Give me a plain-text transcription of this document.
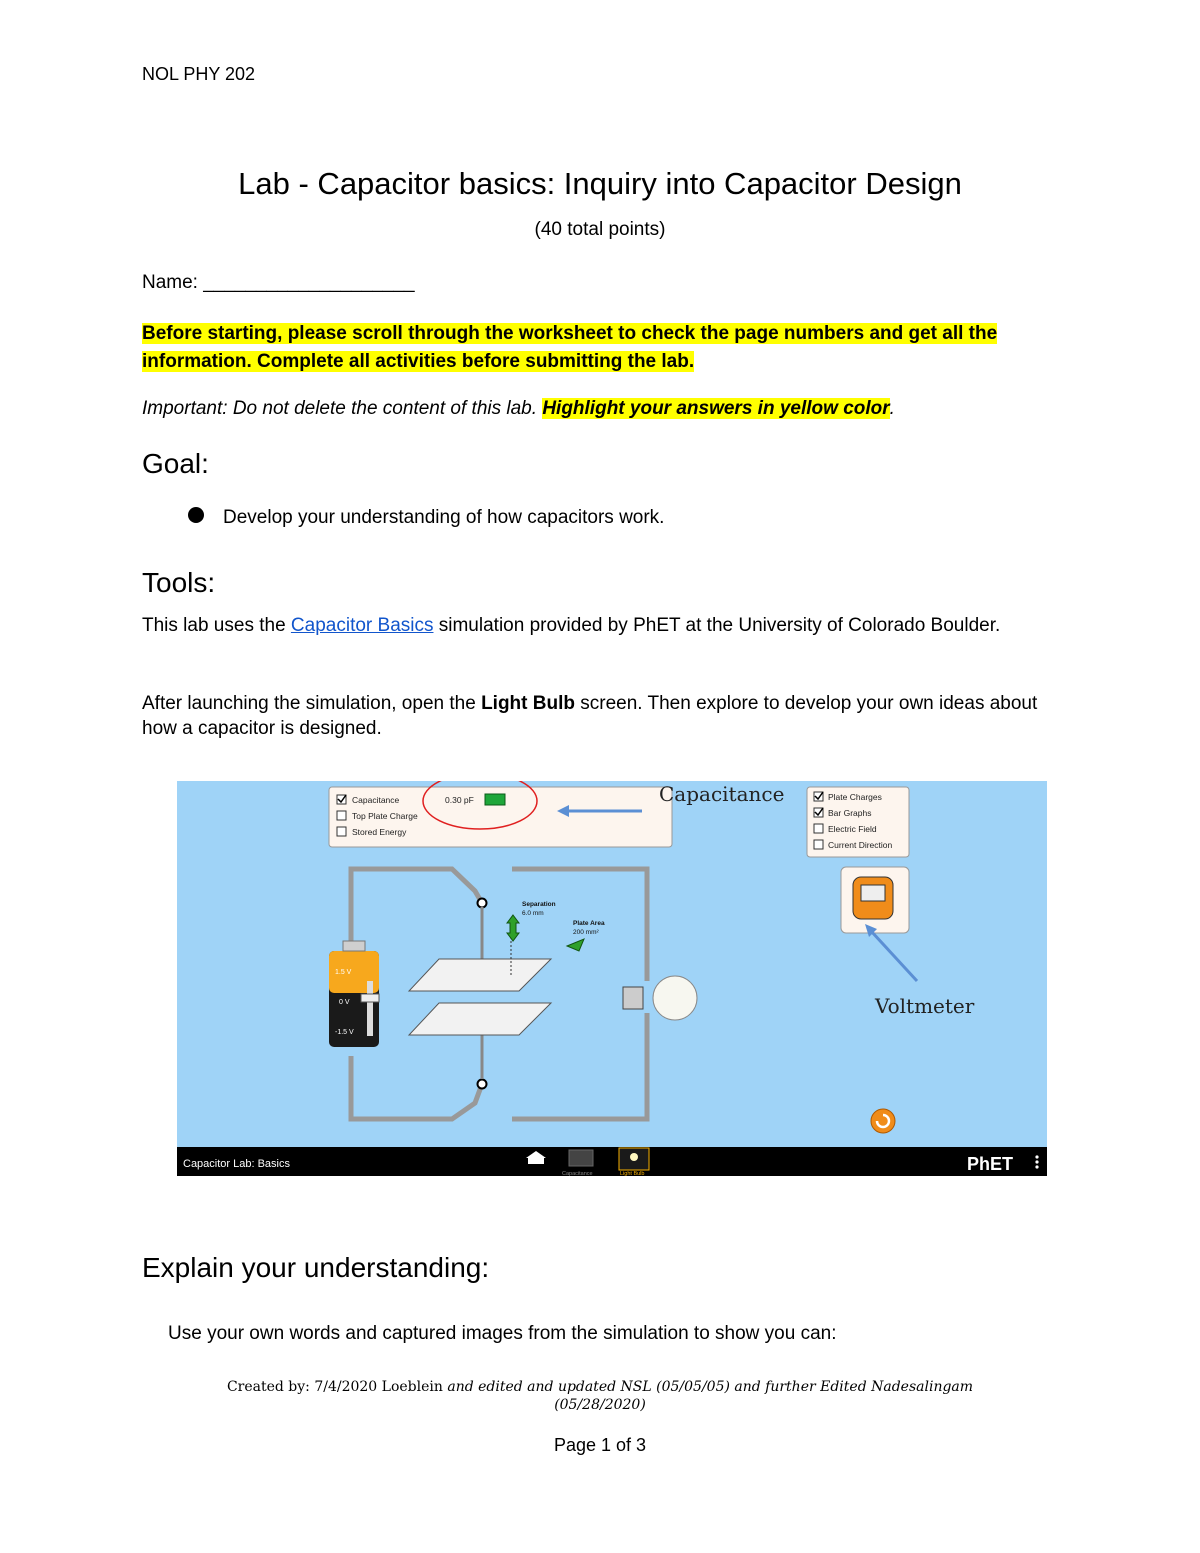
NOL PHY 202
Lab - Capacitor basics: Inquiry into Capacitor Design
(40 total points)
Name: ____________________
Before starting, please scroll through the worksheet to check the page numbers and get all the information. Complete all activities before submitting the lab.
Important: Do not delete the content of this lab. Highlight your answers in yellow color.
Goal:
Develop your understanding of how capacitors work.
Tools:
This lab uses the Capacitor Basics simulation provided by PhET at the University of Colorado Boulder.
After launching the simulation, open the Light Bulb screen. Then explore to develop your own ideas about how a capacitor is designed.
Capacitance
Top Plate Charge
Stored Energy
0.30 pF	Capacitance	Plate Charges
Bar Graphs
Electric Field
Current Direction
Voltmeter
Separation
6.0 mm
Plate Area
200 mm²
1.5 V
0 V
-1.5 V
Capacitor Lab: Basics
Capacitance	Light Bulb	PhET
Explain your understanding:
Use your own words and captured images from the simulation to show you can:
Created by: 7/4/2020 Loeblein and edited and updated NSL (05/05/05) and further Edited Nadesalingam
(05/28/2020)
Page 1 of 3
